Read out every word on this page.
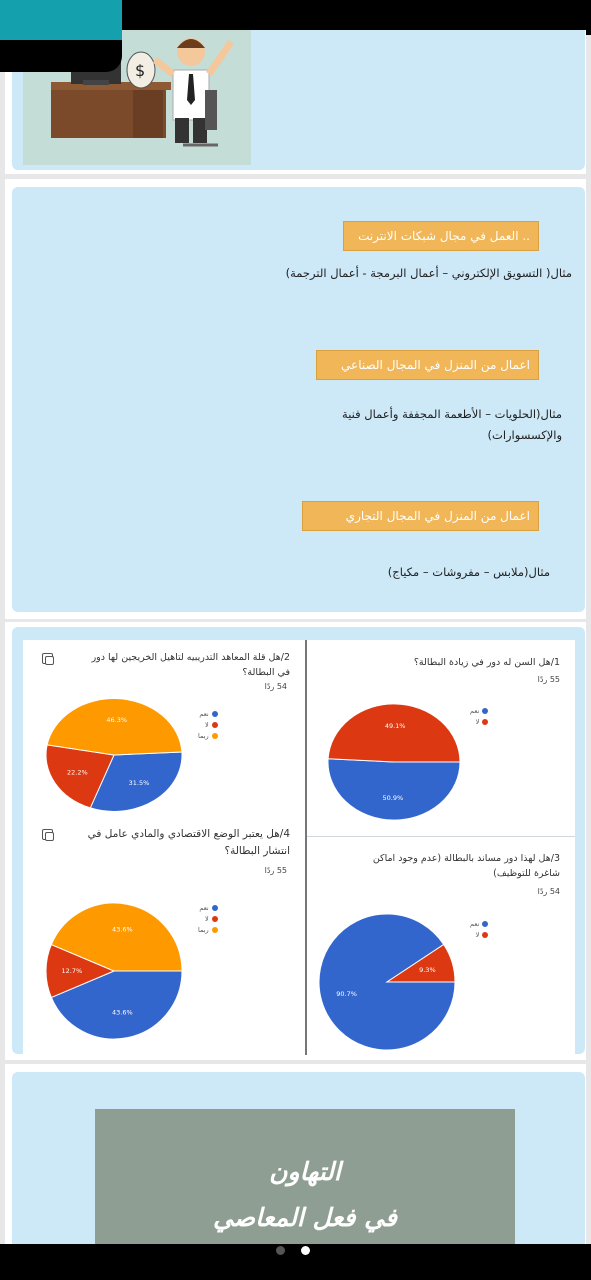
$
.. العمل في مجال شبكات الانترنت
مثال( التسويق الإلكتروني – أعمال البرمجة - أعمال الترجمة)
اعمال من المنزل في المجال الصناعي
مثال(الحلويات – الأطعمة المجففة وأعمال فنية
والإكسسوارات)
اعمال من المنزل في المجال التجاري
مثال(ملابس – مفروشات – مكياج)
1/هل السن له دور في زيادة البطالة؟
55 ردًا
نعم
لا
50.9%
49.1%
2/هل قلة المعاهد التدريبيه لتاهيل الخريجين لها دور
في البطالة؟
54 ردًا
نعم
لا
ربما
31.5%
22.2%
46.3%
3/هل لهذا دور مساند بالبطالة (عدم وجود اماكن
شاغرة للتوظيف)
54 ردًا
نعم
لا
90.7%
9.3%
4/هل يعتبر الوضع الاقتصادي والمادي عامل في
انتشار البطالة؟
55 ردًا
نعم
لا
ربما
43.6%
12.7%
43.6%
التهاون
في فعل المعاصي
